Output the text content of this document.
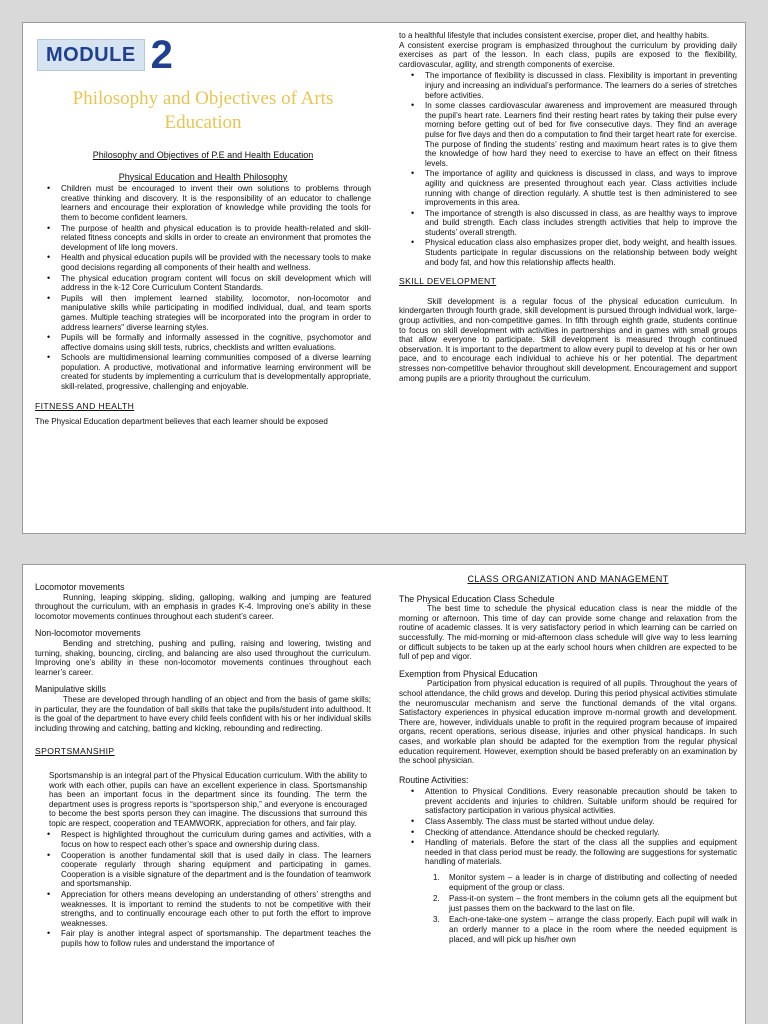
MODULE 2
Philosophy and Objectives of Arts Education
Philosophy and Objectives of P.E and Health Education
Physical Education and Health Philosophy
• Children must be encouraged to invent their own solutions to problems through creative thinking and discovery. It is the responsibility of an educator to challenge learners and encourage their exploration of knowledge while providing the tools for them to become confident learners.
• The purpose of health and physical education is to provide health-related and skill-related fitness concepts and skills in order to create an environment that promotes the development of life long movers.
• Health and physical education pupils will be provided with the necessary tools to make good decisions regarding all components of their health and wellness.
• The physical education program content will focus on skill development which will address in the k-12 Core Curriculum Content Standards.
• Pupils will then implement learned stability, locomotor, non-locomotor and manipulative skills while participating in modified individual, dual, and team sports games. Multiple teaching strategies will be incorporated into the program in order to address learners" diverse learning styles.
• Pupils will be formally and informally assessed in the cognitive, psychomotor and affective domains using skill tests, rubrics, checklists and written evaluations.
• Schools are multidimensional learning communities composed of a diverse learning population. A productive, motivational and informative learning environment will be created for students by implementing a curriculum that is developmentally appropriate, skill-related, progressive, challenging and enjoyable.
FITNESS AND HEALTH

The Physical Education department believes that each learner should be exposed

to a healthful lifestyle that includes consistent exercise, proper diet, and healthy habits.

A consistent exercise program is emphasized throughout the curriculum by providing daily exercises as part of the lesson. In each class, pupils are exposed to the flexibility, cardiovascular, agility, and strength components of exercise.

• The importance of flexibility is discussed in class. Flexibility is important in preventing injury and increasing an individual’s performance. The learners do a series of stretches before activities.
• In some classes cardiovascular awareness and improvement are measured through the pupil’s heart rate. Learners find their resting heart rates by taking their pulse every morning before getting out of bed for five consecutive days. They find an average pulse for five days and then do a computation to find their target heart rate for exercise. The purpose of finding the students’ resting and maximum heart rates is to give them the knowledge of how hard they need to exercise to have an effect on their fitness levels.
• The importance of agility and quickness is discussed in class, and ways to improve agility and quickness are presented throughout each year. Class activities include running with change of direction regularly. A shuttle test is then administered to see improvements in this area.
• The importance of strength is also discussed in class, as are healthy ways to improve and build strength. Each class includes strength activities that help to improve the students’ overall strength.
• Physical education class also emphasizes proper diet, body weight, and health issues. Students participate in regular discussions on the relationship between body weight and body fat, and how this relationship affects health.
SKILL DEVELOPMENT

Skill development is a regular focus of the physical education curriculum. In kindergarten through fourth grade, skill development is pursued through individual work, large-group activities, and non-competitive games. In fifth through eighth grade, students continue to focus on skill development with activities in partnerships and in games with small groups that allow everyone to participate. Skill development is measured through continued observation. It is important to the department to allow every pupil to develop at his or her own pace, and to encourage each individual to achieve his or her potential. The department stresses non-competitive behavior throughout skill development. Encouragement and support among pupils are a priority throughout the curriculum.

Locomotor movements

Running, leaping skipping, sliding, galloping, walking and jumping are featured throughout the curriculum, with an emphasis in grades K-4. Improving one’s ability in these locomotor movements continues throughout each student’s career.

Non-locomotor movements

Bending and stretching, pushing and pulling, raising and lowering, twisting and turning, shaking, bouncing, circling, and balancing are also used throughout the curriculum. Improving one’s ability in these non-locomotor movements continues throughout each learner’s career.

Manipulative skills

These are developed through handling of an object and from the basis of game skills; in particular, they are the foundation of ball skills that take the pupils/student into adulthood. It is the goal of the department to have every child feels confident with his or her individual skills including throwing and catching, batting and kicking, rebounding and redirecting.

SPORTSMANSHIP

Sportsmanship is an integral part of the Physical Education curriculum. With the ability to work with each other, pupils can have an excellent experience in class. Sportsmanship has been an important focus in the department since its founding. The term the department uses is progress reports is “sportsperson ship,” and everyone is encouraged to become the best sports person they can imagine. The discussions that surround this topic are respect, cooperation and TEAMWORK, appreciation for others, and fair play.

• Respect is highlighted throughout the curriculum during games and activities, with a focus on how to respect each other’s space and ownership during class.
• Cooperation is another fundamental skill that is used daily in class. The learners cooperate regularly through sharing equipment and participating in games. Cooperation is a visible signature of the department and is the foundation of teamwork and sportsmanship.
• Appreciation for others means developing an understanding of others’ strengths and weaknesses. It is important to remind the students to not be competitive with their strengths, and to continually encourage each other to put forth the effort to improve weaknesses.
• Fair play is another integral aspect of sportsmanship. The department teaches the pupils how to follow rules and understand the importance of
CLASS ORGANIZATION AND MANAGEMENT
The Physical Education Class Schedule

The best time to schedule the physical education class is near the middle of the morning or afternoon. This time of day can provide some change and relaxation from the routine of academic classes. It is very satisfactory period in which learning can be carried on successfully. The mid-morning or mid-afternoon class schedule will give way to less learning or difficult subjects to be taken up at the early school hours when children are expected to be full of pep and vigor.

Exemption from Physical Education

Participation from physical education is required of all pupils. Throughout the years of school attendance, the child grows and develop. During this period physical activities stimulate the neuromuscular mechanism and serve the functional demands of the vital organs. Satisfactory experiences in physical education improve m-normal growth and development. There are, however, individuals unable to profit in the required program because of impaired organs, recent operations, serious disease, injuries and other physical handicaps. In such cases, and workable plan should be adapted for the exemption from the regular physical education requirement. However, exemption should be based preferably on an examination by the school physician.

Routine Activities:
• Attention to Physical Conditions. Every reasonable precaution should be taken to prevent accidents and injuries to children. Suitable uniform should be required for satisfactory participation in various physical activities.
• Class Assembly. The class must be started without undue delay.
• Checking of attendance. Attendance should be checked regularly.
• Handling of materials. Before the start of the class all the supplies and equipment needed in that class period must be ready. the following are suggestions for systematic handling of materials.
1. Monitor system – a leader is in charge of distributing and collecting of needed equipment of the group or class.
2. Pass-it-on system – the front members in the column gets all the equipment but just passes them on the backward to the last on file.
3. Each-one-take-one system – arrange the class properly. Each pupil will walk in an orderly manner to a place in the room where the needed equipment is placed, and will pick up his/her own
